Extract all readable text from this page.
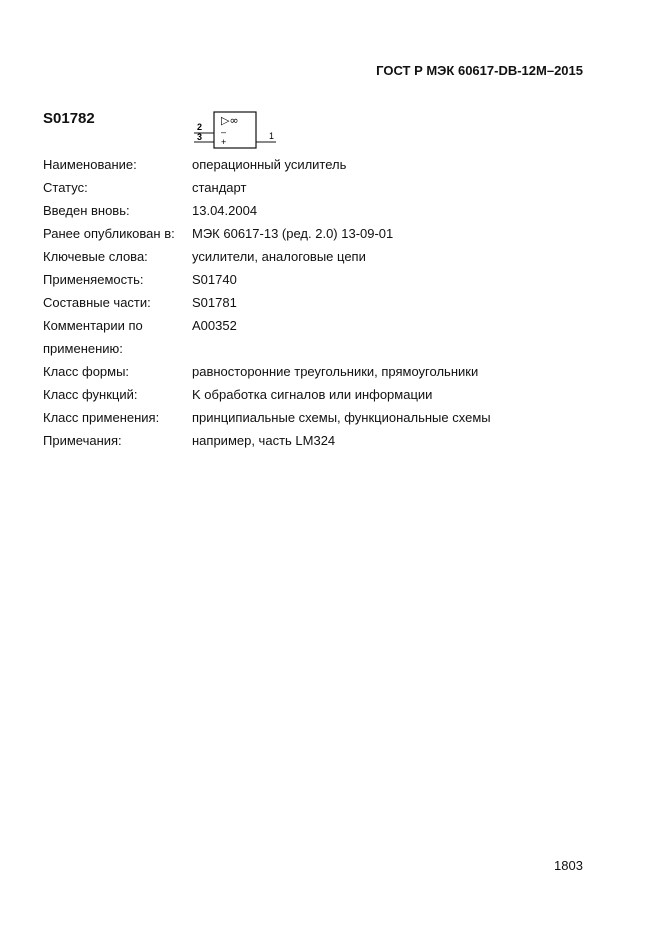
ГОСТ Р МЭК 60617-DB-12M–2015
S01782	▷∞
–
+
2
3	1
Наименование:	операционный усилитель
Статус:	стандарт
Введен вновь:	13.04.2004
Ранее опубликован в: МЭК 60617-13 (ред. 2.0) 13-09-01
Ключевые слова:	усилители, аналоговые цепи
Применяемость:	S01740
Составные части:	S01781
Комментарии по	A00352
применению:
Класс формы:	равносторонние треугольники, прямоугольники
Класс функций:	K обработка сигналов или информации
Класс применения:	принципиальные схемы, функциональные схемы
Примечания:	например, часть LM324
1803
